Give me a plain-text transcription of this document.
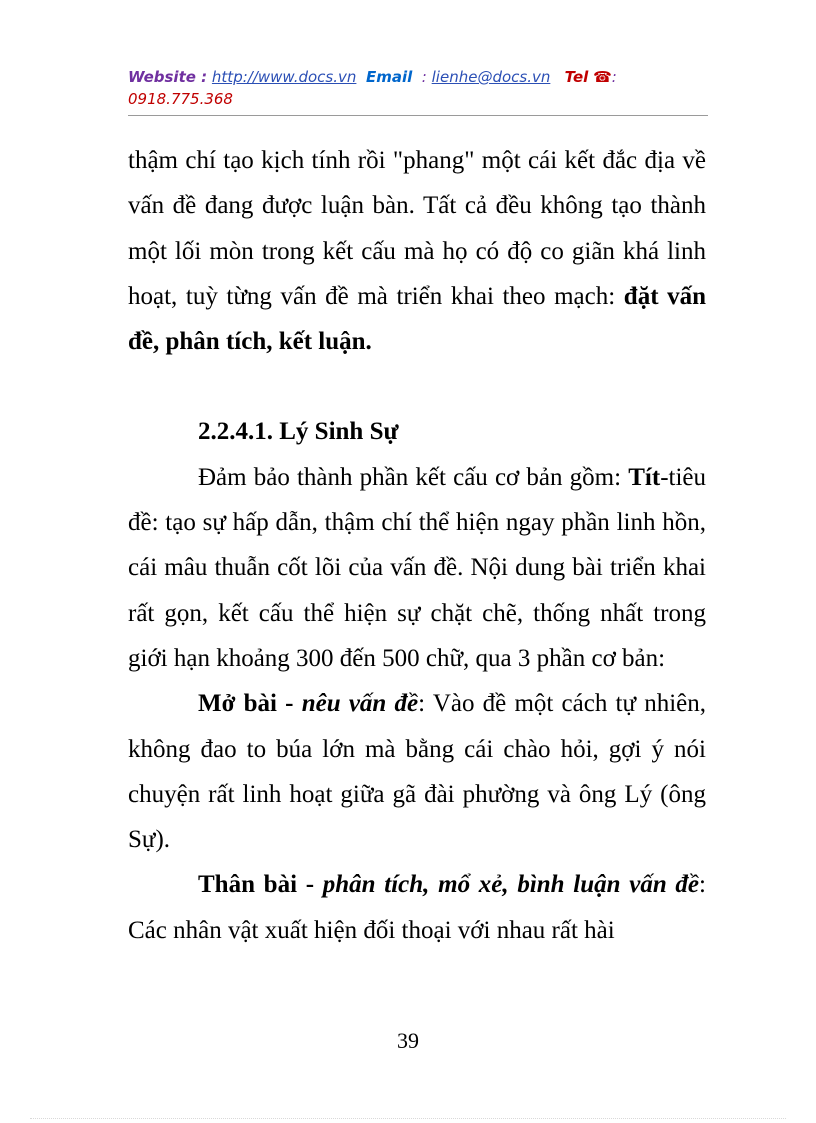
Website : http://www.docs.vn Email : lienhe@docs.vn Tel ☎:
0918.775.368

thậm chí tạo kịch tính rồi "phang" một cái kết đắc địa về vấn đề đang được luận bàn. Tất cả đều không tạo thành một lối mòn trong kết cấu mà họ có độ co giãn khá linh hoạt, tuỳ từng vấn đề mà triển khai theo mạch: đặt vấn đề, phân tích, kết luận.

2.2.4.1. Lý Sinh Sự

Đảm bảo thành phần kết cấu cơ bản gồm: Tít-tiêu đề: tạo sự hấp dẫn, thậm chí thể hiện ngay phần linh hồn, cái mâu thuẫn cốt lõi của vấn đề. Nội dung bài triển khai rất gọn, kết cấu thể hiện sự chặt chẽ, thống nhất trong giới hạn khoảng 300 đến 500 chữ, qua 3 phần cơ bản:

Mở bài - nêu vấn đề: Vào đề một cách tự nhiên, không đao to búa lớn mà bằng cái chào hỏi, gợi ý nói chuyện rất linh hoạt giữa gã đài phường và ông Lý (ông Sự).

Thân bài - phân tích, mổ xẻ, bình luận vấn đề: Các nhân vật xuất hiện đối thoại với nhau rất hài

39
